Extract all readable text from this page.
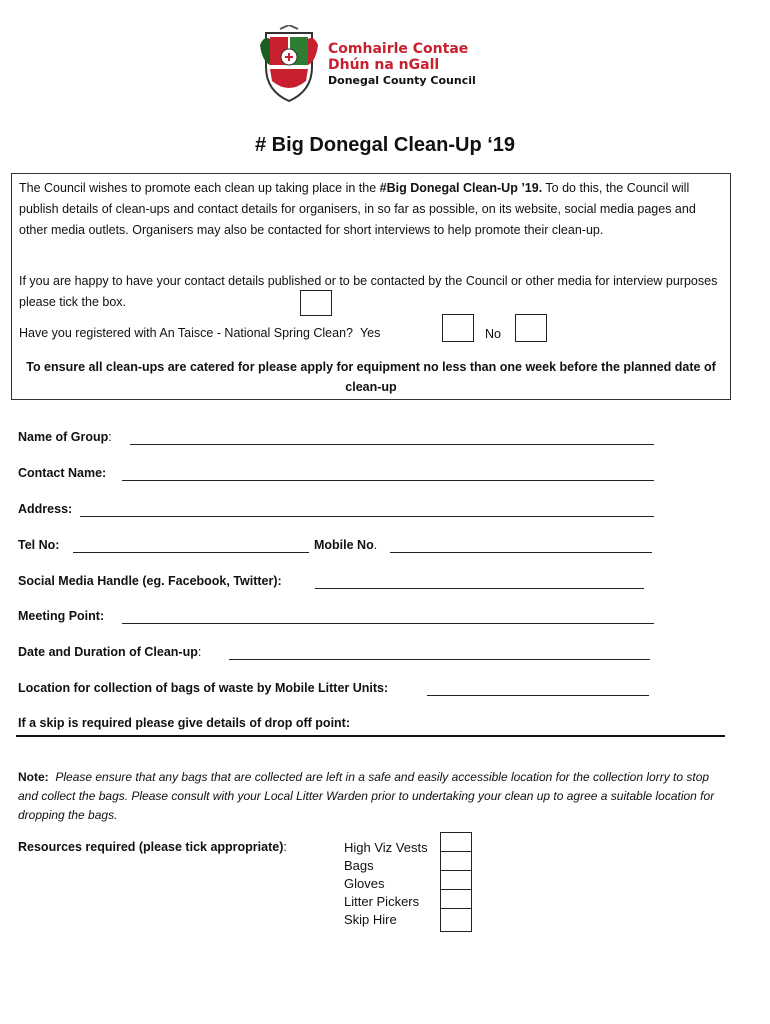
Comhairle Contae
Dhún na nGall
Donegal County Council
# Big Donegal Clean-Up ‘19

The Council wishes to promote each clean up taking place in the #Big Donegal Clean-Up ’19. To do this, the Council will publish details of clean-ups and contact details for organisers, in so far as possible, on its website, social media pages and other media outlets. Organisers may also be contacted for short interviews to help promote their clean-up.

If you are happy to have your contact details published or to be contacted by the Council or other media for interview purposes please tick the box.

Have you registered with An Taisce - National Spring Clean? Yes	No

To ensure all clean-ups are catered for please apply for equipment no less than one week before the planned date of clean-up

Name of Group:
Contact Name:
Address:
Tel No:	Mobile No.
Social Media Handle (eg. Facebook, Twitter):
Meeting Point:
Date and Duration of Clean-up:
Location for collection of bags of waste by Mobile Litter Units:
If a skip is required please give details of drop off point:
Note: Please ensure that any bags that are collected are left in a safe and easily accessible location for the collection lorry to stop and collect the bags. Please consult with your Local Litter Warden prior to undertaking your clean up to agree a suitable location for dropping the bags.
Resources required (please tick appropriate):	High Viz Vests
Bags
Gloves
Litter Pickers
Skip Hire
